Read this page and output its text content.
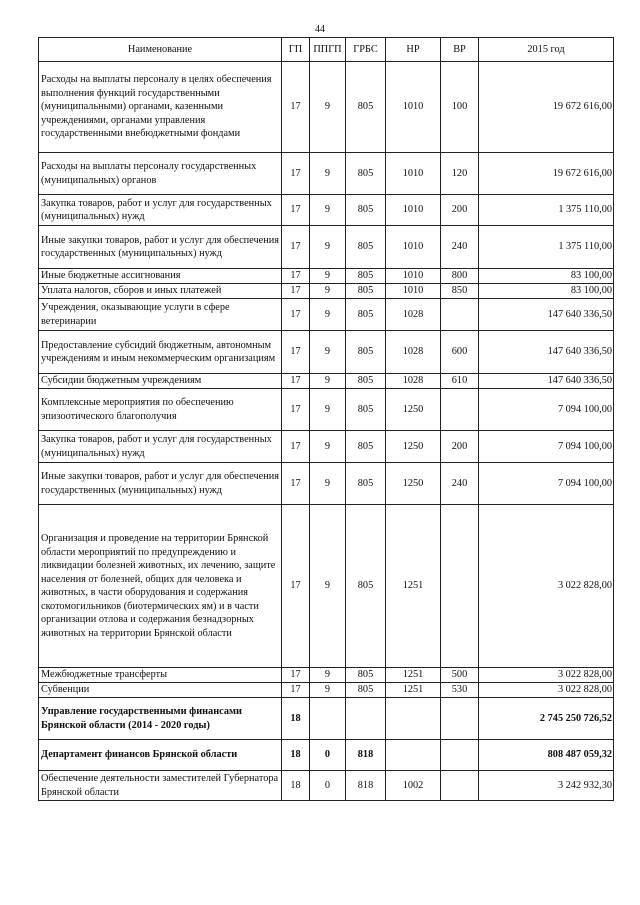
44
Наименование	ГП	ППГП	ГРБС	НР	ВР	2015 год
Расходы на выплаты персоналу в целях обеспечения выполнения функций государственными (муниципальными) органами, казенными учреждениями, органами управления государственными внебюджетными фондами	17	9	805	1010	100	19 672 616,00
Расходы на выплаты персоналу государственных (муниципальных) органов	17	9	805	1010	120	19 672 616,00
Закупка товаров, работ и услуг для государственных (муниципальных) нужд	17	9	805	1010	200	1 375 110,00
Иные закупки товаров, работ и услуг для обеспечения государственных (муниципальных) нужд	17	9	805	1010	240	1 375 110,00
Иные бюджетные ассигнования	17	9	805	1010	800	83 100,00
Уплата налогов, сборов и иных платежей	17	9	805	1010	850	83 100,00
Учреждения, оказывающие услуги в сфере ветеринарии	17	9	805	1028		147 640 336,50
Предоставление субсидий бюджетным, автономным учреждениям и иным некоммерческим организациям	17	9	805	1028	600	147 640 336,50
Субсидии бюджетным учреждениям	17	9	805	1028	610	147 640 336,50
Комплексные мероприятия по обеспечению эпизоотического благополучия	17	9	805	1250		7 094 100,00
Закупка товаров, работ и услуг для государственных (муниципальных) нужд	17	9	805	1250	200	7 094 100,00
Иные закупки товаров, работ и услуг для обеспечения государственных (муниципальных) нужд	17	9	805	1250	240	7 094 100,00
Организация и проведение на территории Брянской области мероприятий по предупреждению и ликвидации болезней животных, их лечению, защите населения от болезней, общих для человека и животных, в части оборудования и содержания скотомогильников (биотермических ям) и в части организации отлова и содержания безнадзорных животных на территории Брянской области	17	9	805	1251		3 022 828,00
Межбюджетные трансферты	17	9	805	1251	500	3 022 828,00
Субвенции	17	9	805	1251	530	3 022 828,00
Управление государственными финансами Брянской области (2014 - 2020 годы)	18					2 745 250 726,52
Департамент финансов Брянской области	18	0	818			808 487 059,32
Обеспечение деятельности заместителей Губернатора Брянской области	18	0	818	1002		3 242 932,30
